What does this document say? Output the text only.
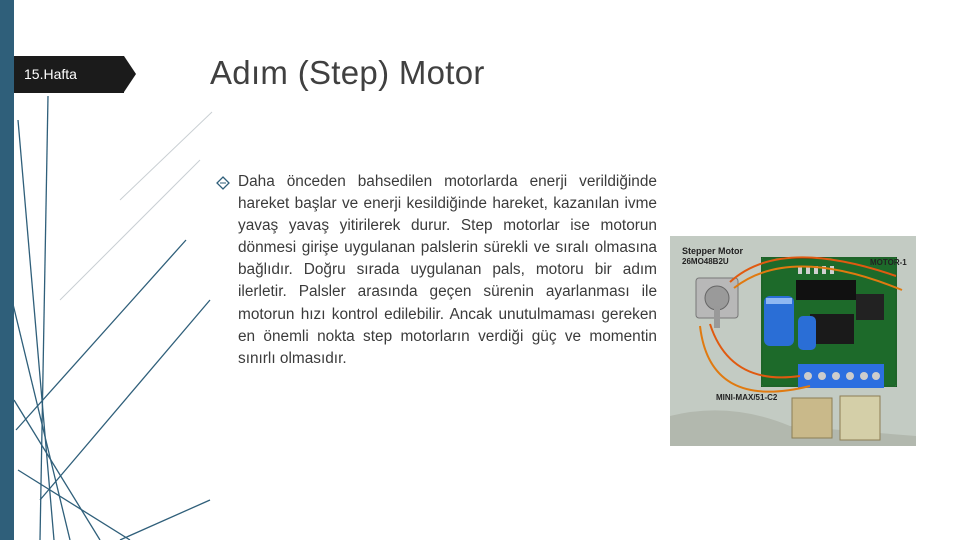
15.Hafta	Adım (Step) Motor

Daha önceden bahsedilen motorlarda enerji verildiğinde hareket başlar ve enerji kesildiğinde hareket, kazanılan ivme yavaş yavaş yitirilerek durur. Step motorlar ise motorun dönmesi girişe uygulanan palslerin sürekli ve sıralı olmasına bağlıdır. Doğru sırada uygulanan pals, motoru bir adım ilerletir. Palsler arasında geçen sürenin ayarlanması ile motorun hızı kontrol edilebilir. Ancak unutulmaması gereken en önemli nokta step motorların verdiği güç ve momentin sınırlı olmasıdır.

Stepper Motor
26MO48B2U	MOTOR-1
MINI-MAX/51-C2
